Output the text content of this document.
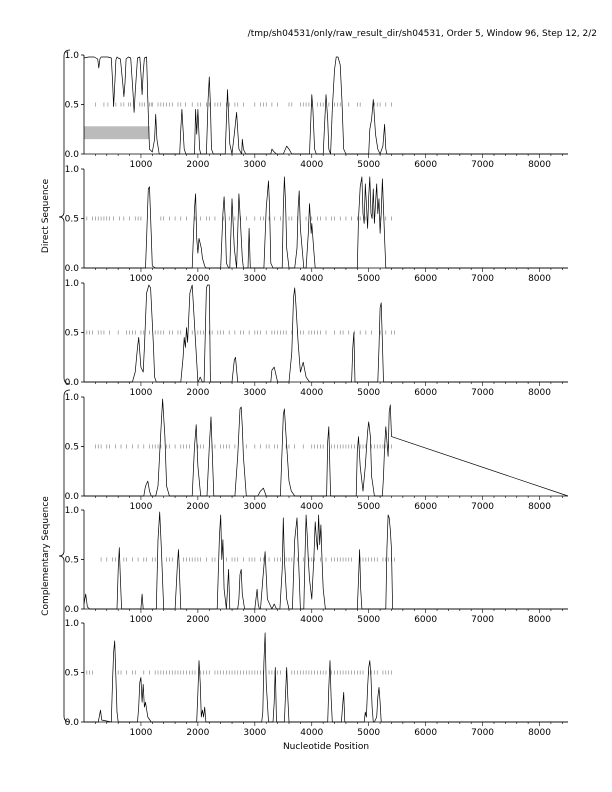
/tmp/sh04531/only/raw_result_dir/sh04531, Order 5, Window 96, Step 12, 2/2
0.0
0.5
1.0
1000	2000	3000	4000	5000	6000	7000	8000
0.0
0.5
1.0
1000	2000	3000	4000	5000	6000	7000	8000
0.0
0.5
1.0
1000	2000	3000	4000	5000	6000	7000	8000
0.0
0.5
1.0
1000	2000	3000	4000	5000	6000	7000	8000
0.0
0.5
1.0
1000	2000	3000	4000	5000	6000	7000	8000
0.0
0.5
1.0
1000	2000	3000	4000	5000	6000	7000	8000
Direct Sequence
Complementary Sequence
Nucleotide Position
